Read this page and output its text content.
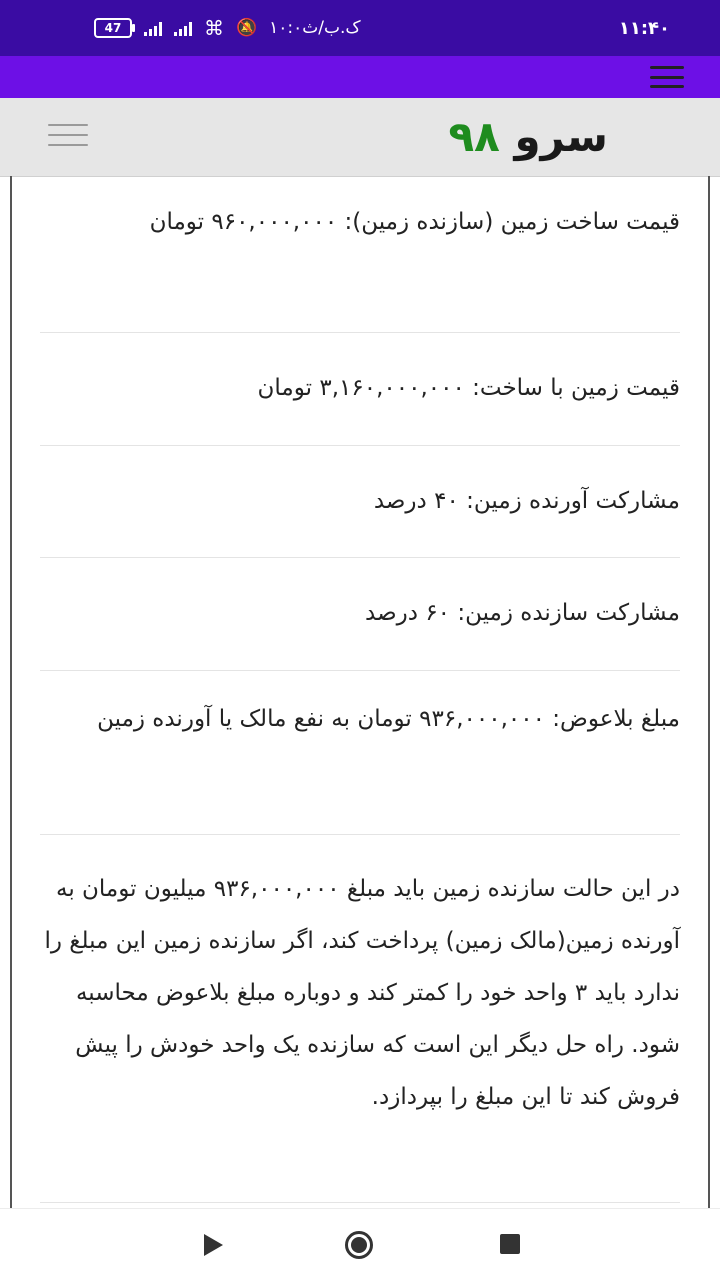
47	⌘ 🔕 ۱۰:۰ک.ب/ث	۱۱:۴۰
سرو ۹۸

قیمت ساخت زمین (سازنده زمین): ۹۶۰,۰۰۰,۰۰۰ تومان

قیمت زمین با ساخت: ۳,۱۶۰,۰۰۰,۰۰۰ تومان

مشارکت آورنده زمین: ۴۰ درصد

مشارکت سازنده زمین: ۶۰ درصد

مبلغ بلاعوض: ۹۳۶,۰۰۰,۰۰۰ تومان به نفع مالک یا آورنده زمین

در این حالت سازنده زمین باید مبلغ ۹۳۶,۰۰۰,۰۰۰ میلیون تومان به آورنده زمین(مالک زمین) پرداخت کند، اگر سازنده زمین این مبلغ را ندارد باید ۳ واحد خود را کمتر کند و دوباره مبلغ بلاعوض محاسبه شود. راه حل دیگر این است که سازنده یک واحد خودش را پیش فروش کند تا این مبلغ را بپردازد.
